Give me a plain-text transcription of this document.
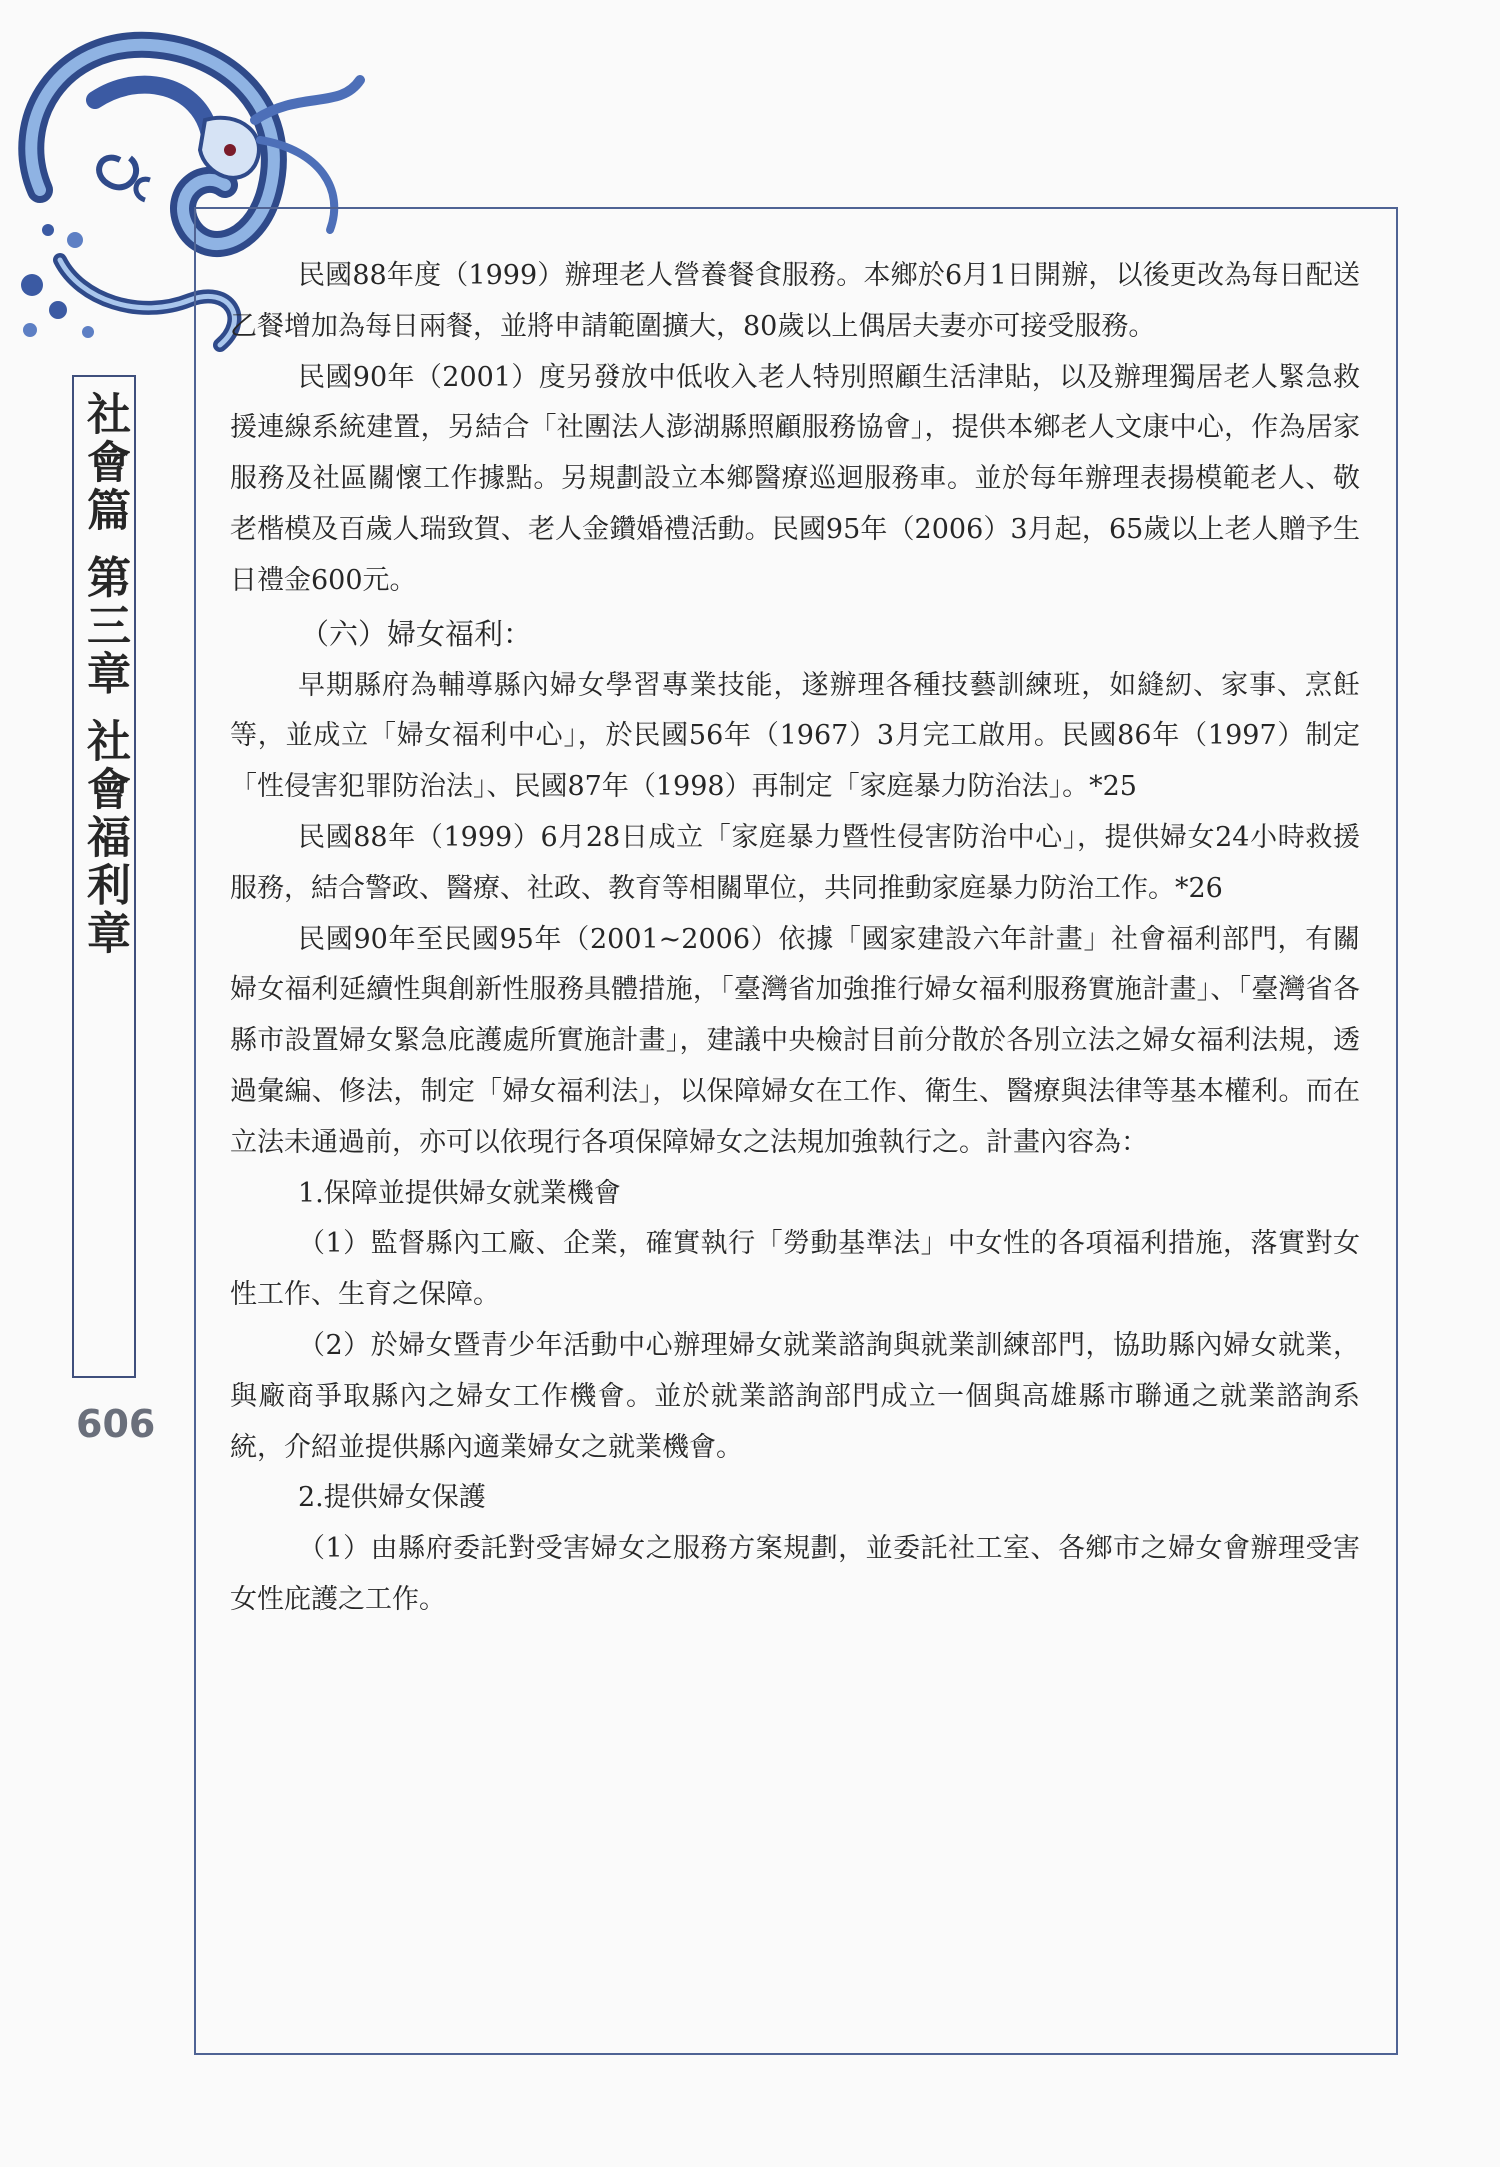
社會篇 第三章 社會福利章
606

民國88年度（1999）辦理老人營養餐食服務。本鄉於6月1日開辦，以後更改為每日配送乙餐增加為每日兩餐，並將申請範圍擴大，80歲以上偶居夫妻亦可接受服務。

民國90年（2001）度另發放中低收入老人特別照顧生活津貼，以及辦理獨居老人緊急救援連線系統建置，另結合「社團法人澎湖縣照顧服務協會」，提供本鄉老人文康中心，作為居家服務及社區關懷工作據點。另規劃設立本鄉醫療巡迴服務車。並於每年辦理表揚模範老人、敬老楷模及百歲人瑞致賀、老人金鑽婚禮活動。民國95年（2006）3月起，65歲以上老人贈予生日禮金600元。

（六）婦女福利：

早期縣府為輔導縣內婦女學習專業技能，遂辦理各種技藝訓練班，如縫紉、家事、烹飪等，並成立「婦女福利中心」，於民國56年（1967）3月完工啟用。民國86年（1997）制定「性侵害犯罪防治法」、民國87年（1998）再制定「家庭暴力防治法」。*25

民國88年（1999）6月28日成立「家庭暴力暨性侵害防治中心」，提供婦女24小時救援服務，結合警政、醫療、社政、教育等相關單位，共同推動家庭暴力防治工作。*26

民國90年至民國95年（2001~2006）依據「國家建設六年計畫」社會福利部門，有關婦女福利延續性與創新性服務具體措施，「臺灣省加強推行婦女福利服務實施計畫」、「臺灣省各縣市設置婦女緊急庇護處所實施計畫」，建議中央檢討目前分散於各別立法之婦女福利法規，透過彙編、修法，制定「婦女福利法」，以保障婦女在工作、衛生、醫療與法律等基本權利。而在立法未通過前，亦可以依現行各項保障婦女之法規加強執行之。計畫內容為：

1.保障並提供婦女就業機會

（1）監督縣內工廠、企業，確實執行「勞動基準法」中女性的各項福利措施，落實對女性工作、生育之保障。

（2）於婦女暨青少年活動中心辦理婦女就業諮詢與就業訓練部門，協助縣內婦女就業，與廠商爭取縣內之婦女工作機會。並於就業諮詢部門成立一個與高雄縣市聯通之就業諮詢系統，介紹並提供縣內適業婦女之就業機會。

2.提供婦女保護

（1）由縣府委託對受害婦女之服務方案規劃，並委託社工室、各鄉市之婦女會辦理受害女性庇護之工作。
